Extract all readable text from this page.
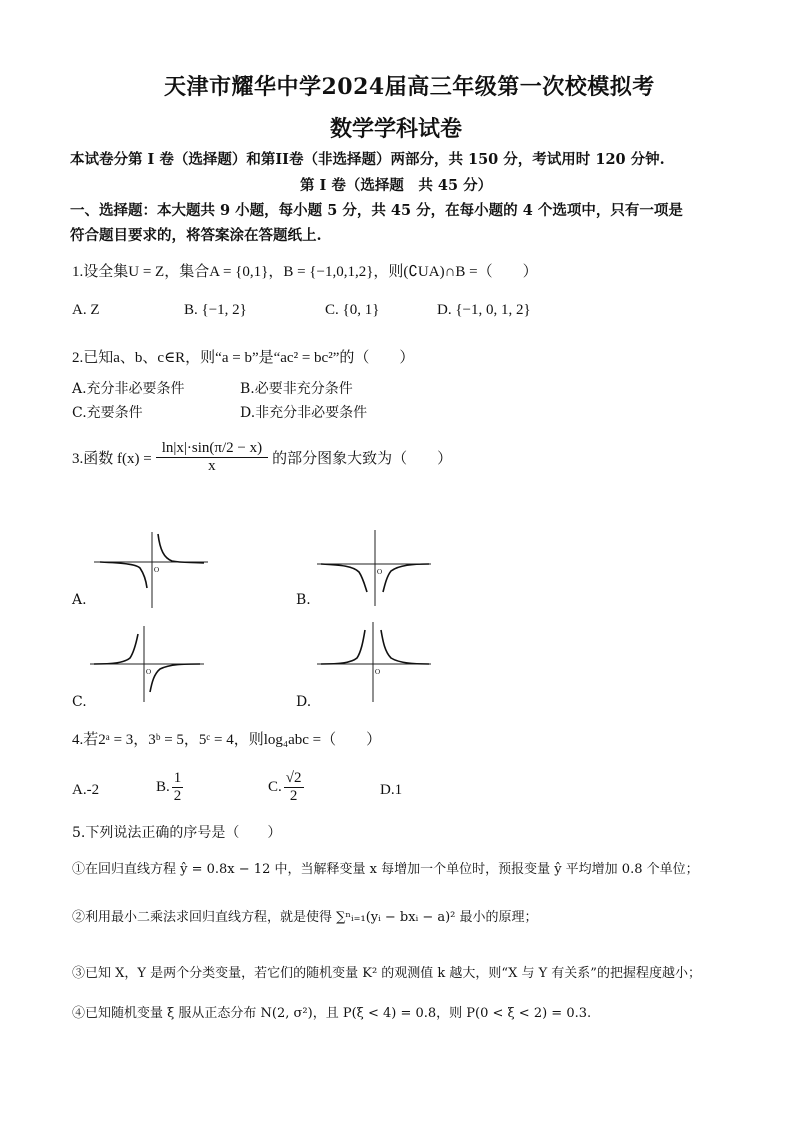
天津市耀华中学2024届高三年级第一次校模拟考
数学学科试卷
本试卷分第 I 卷（选择题）和第II卷（非选择题）两部分，共 150 分，考试用时 120 分钟.
第 I 卷（选择题　共 45 分）
一、选择题：本大题共 9 小题，每小题 5 分，共 45 分，在每小题的 4 个选项中，只有一项是
符合题目要求的，将答案涂在答题纸上.
1.设全集U = Z，集合A = {0,1}，B = {−1,0,1,2}，则(∁UA)∩B =（　　）
A. Z	B. {−1, 2}	C. {0, 1}	D. {−1, 0, 1, 2}
2.已知a、b、c∈R，则“a = b”是“ac² = bc²”的（　　）
A.充分非必要条件	B.必要非充分条件
C.充要条件	D.非充分非必要条件
3.函数 $f(x) = \frac{\ln|x|\cdot\sin(\pi/2 - x)}{x}$ 的部分图象大致为（　　）
O
A.
O
B.
O
C.
O
D.
4.若2ᵃ = 3，3ᵇ = 5，5ᶜ = 4，则log₄abc =（　　）
A.-2	B. $\frac{1}{2}$	C. $\frac{√2}{2}$	D.1
5.下列说法正确的序号是（　　）
①在回归直线方程 ŷ = 0.8x − 12 中，当解释变量 x 每增加一个单位时，预报变量 ŷ 平均增加 0.8 个单位；
②利用最小二乘法求回归直线方程，就是使得 ∑ⁿᵢ₌₁(yᵢ − bxᵢ − a)² 最小的原理；
③已知 X，Y 是两个分类变量，若它们的随机变量 K² 的观测值 k 越大，则“X 与 Y 有关系”的把握程度越小；
④已知随机变量 ξ 服从正态分布 N(2, σ²)，且 P(ξ < 4) = 0.8，则 P(0 < ξ < 2) = 0.3.
